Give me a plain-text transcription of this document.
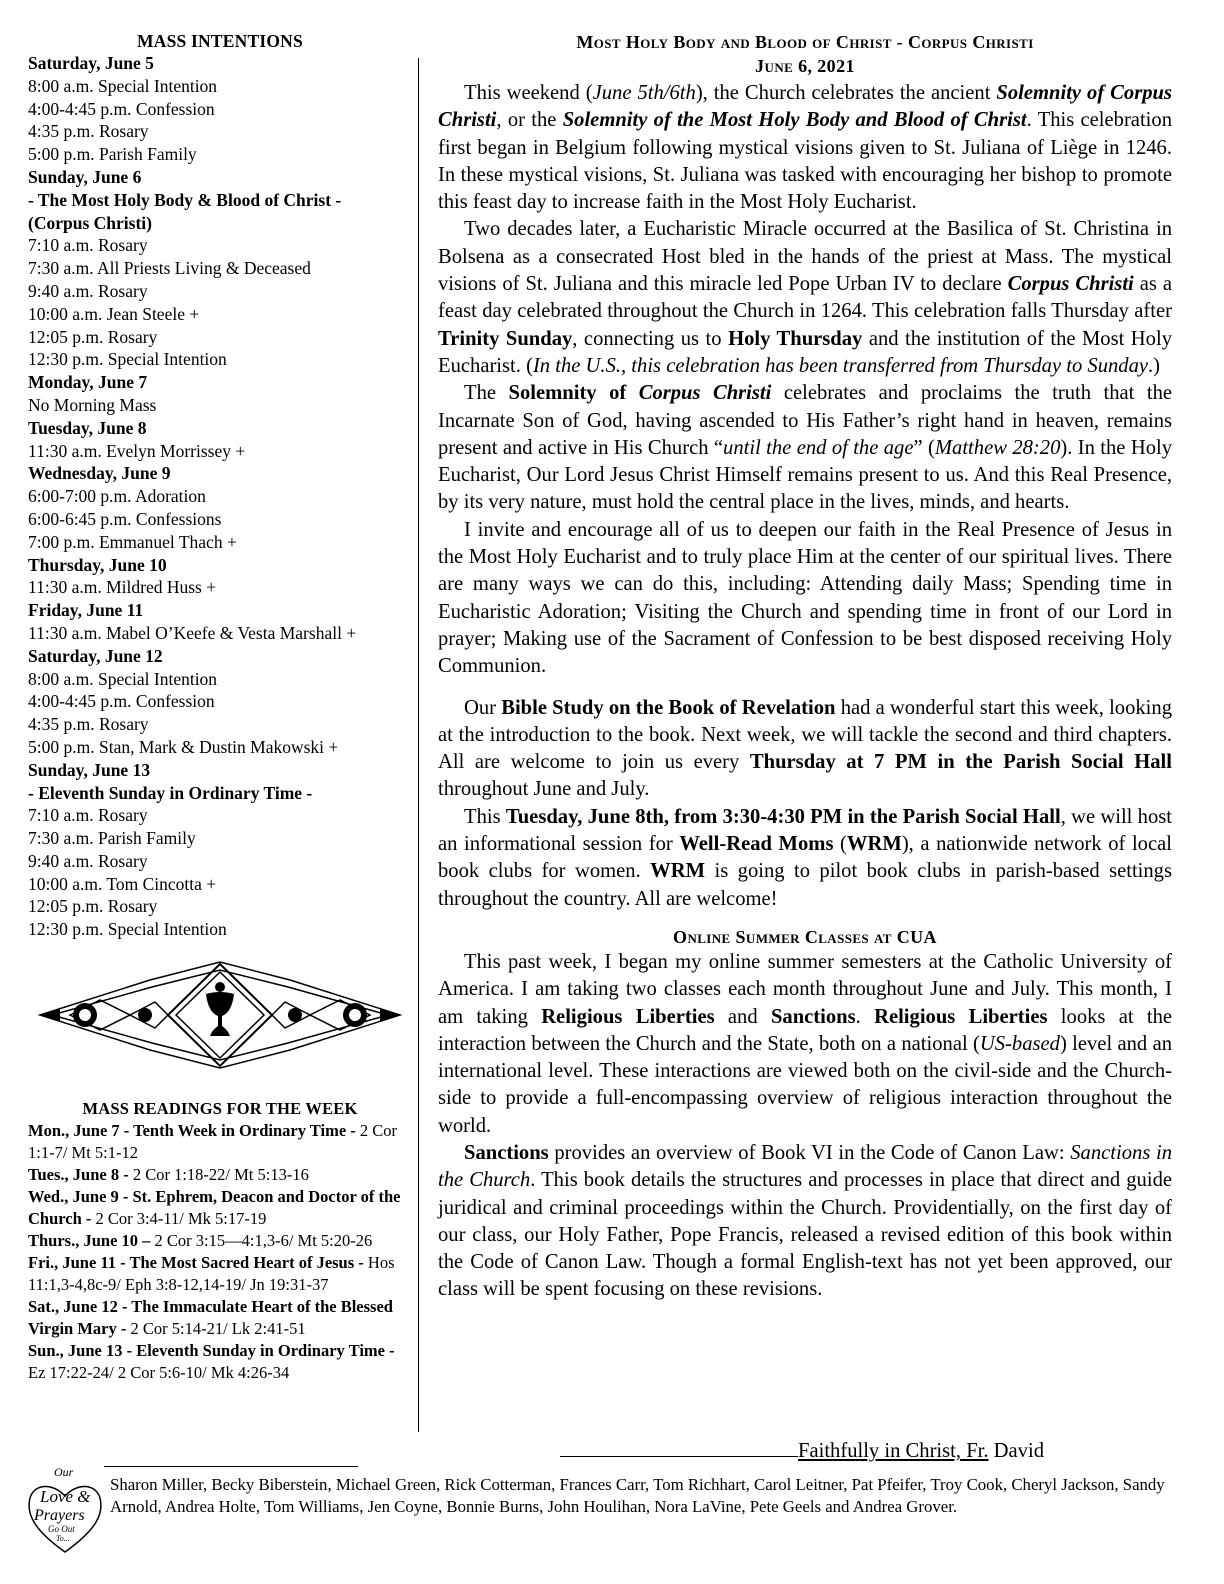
MASS INTENTIONS
Saturday, June 5
8:00 a.m. Special Intention
4:00-4:45 p.m. Confession
4:35 p.m. Rosary
5:00 p.m. Parish Family
Sunday, June 6
- The Most Holy Body & Blood of Christ -
(Corpus Christi)
7:10 a.m. Rosary
7:30 a.m. All Priests Living & Deceased
9:40 a.m. Rosary
10:00 a.m. Jean Steele +
12:05 p.m. Rosary
12:30 p.m. Special Intention
Monday, June 7
No Morning Mass
Tuesday, June 8
11:30 a.m. Evelyn Morrissey +
Wednesday, June 9
6:00-7:00 p.m. Adoration
6:00-6:45 p.m. Confessions
7:00 p.m. Emmanuel Thach +
Thursday, June 10
11:30 a.m. Mildred Huss +
Friday, June 11
11:30 a.m. Mabel O’Keefe & Vesta Marshall +
Saturday, June 12
8:00 a.m. Special Intention
4:00-4:45 p.m. Confession
4:35 p.m. Rosary
5:00 p.m. Stan, Mark & Dustin Makowski +
Sunday, June 13
- Eleventh Sunday in Ordinary Time -
7:10 a.m. Rosary
7:30 a.m. Parish Family
9:40 a.m. Rosary
10:00 a.m. Tom Cincotta +
12:05 p.m. Rosary
12:30 p.m. Special Intention
MASS READINGS FOR THE WEEK
Mon., June 7 - Tenth Week in Ordinary Time - 2 Cor 1:1-7/ Mt 5:1-12
Tues., June 8 - 2 Cor 1:18-22/ Mt 5:13-16
Wed., June 9 - St. Ephrem, Deacon and Doctor of the Church - 2 Cor 3:4-11/ Mk 5:17-19
Thurs., June 10 – 2 Cor 3:15—4:1,3-6/ Mt 5:20-26
Fri., June 11 - The Most Sacred Heart of Jesus - Hos 11:1,3-4,8c-9/ Eph 3:8-12,14-19/ Jn 19:31-37
Sat., June 12 - The Immaculate Heart of the Blessed Virgin Mary - 2 Cor 5:14-21/ Lk 2:41-51
Sun., June 13 - Eleventh Sunday in Ordinary Time - Ez 17:22-24/ 2 Cor 5:6-10/ Mk 4:26-34
Most Holy Body and Blood of Christ - Corpus Christi
June 6, 2021

This weekend (June 5th/6th), the Church celebrates the ancient Solemnity of Corpus Christi, or the Solemnity of the Most Holy Body and Blood of Christ. This celebration first began in Belgium following mystical visions given to St. Juliana of Liège in 1246. In these mystical visions, St. Juliana was tasked with encouraging her bishop to promote this feast day to increase faith in the Most Holy Eucharist.

Two decades later, a Eucharistic Miracle occurred at the Basilica of St. Christina in Bolsena as a consecrated Host bled in the hands of the priest at Mass. The mystical visions of St. Juliana and this miracle led Pope Urban IV to declare Corpus Christi as a feast day celebrated throughout the Church in 1264. This celebration falls Thursday after Trinity Sunday, connecting us to Holy Thursday and the institution of the Most Holy Eucharist. (In the U.S., this celebration has been transferred from Thursday to Sunday.)

The Solemnity of Corpus Christi celebrates and proclaims the truth that the Incarnate Son of God, having ascended to His Father’s right hand in heaven, remains present and active in His Church “until the end of the age” (Matthew 28:20). In the Holy Eucharist, Our Lord Jesus Christ Himself remains present to us. And this Real Presence, by its very nature, must hold the central place in the lives, minds, and hearts.

I invite and encourage all of us to deepen our faith in the Real Presence of Jesus in the Most Holy Eucharist and to truly place Him at the center of our spiritual lives. There are many ways we can do this, including: Attending daily Mass; Spending time in Eucharistic Adoration; Visiting the Church and spending time in front of our Lord in prayer; Making use of the Sacrament of Confession to be best disposed receiving Holy Communion.

Our Bible Study on the Book of Revelation had a wonderful start this week, looking at the introduction to the book. Next week, we will tackle the second and third chapters. All are welcome to join us every Thursday at 7 PM in the Parish Social Hall throughout June and July.

This Tuesday, June 8th, from 3:30-4:30 PM in the Parish Social Hall, we will host an informational session for Well-Read Moms (WRM), a nationwide network of local book clubs for women. WRM is going to pilot book clubs in parish-based settings throughout the country. All are welcome!

Online Summer Classes at CUA

This past week, I began my online summer semesters at the Catholic University of America. I am taking two classes each month throughout June and July. This month, I am taking Religious Liberties and Sanctions. Religious Liberties looks at the interaction between the Church and the State, both on a national (US-based) level and an international level. These interactions are viewed both on the civil-side and the Church-side to provide a full-encompassing overview of religious interaction throughout the world.

Sanctions provides an overview of Book VI in the Code of Canon Law: Sanctions in the Church. This book details the structures and processes in place that direct and guide juridical and criminal proceedings within the Church. Providentially, on the first day of our class, our Holy Father, Pope Francis, released a revised edition of this book within the Code of Canon Law. Though a formal English-text has not yet been approved, our class will be spent focusing on these revisions.

Faithfully in Christ, Fr. David
Our
Love &
Prayers
Go Out
To...
Sharon Miller, Becky Biberstein, Michael Green, Rick Cotterman, Frances Carr, Tom Richhart, Carol Leitner, Pat Pfeifer, Troy Cook, Cheryl Jackson, Sandy Arnold, Andrea Holte, Tom Williams, Jen Coyne, Bonnie Burns, John Houlihan, Nora LaVine, Pete Geels and Andrea Grover.
